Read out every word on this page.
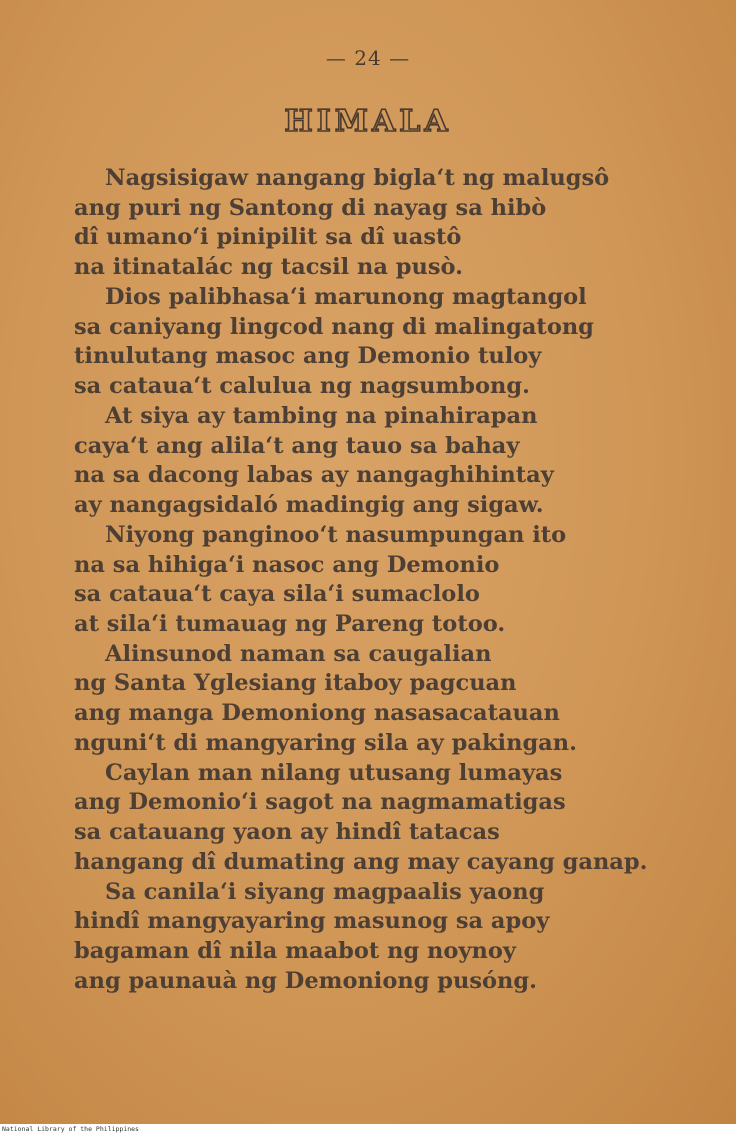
— 24 —
HIMALA
Nagsisigaw nangang bigla‘t ng malugsô
ang puri ng Santong di nayag sa hibò
dî umano‘i pinipilit sa dî uastô
na itinatalác ng tacsil na pusò.
Dios palibhasa‘i marunong magtangol
sa caniyang lingcod nang di malingatong
tinulutang masoc ang Demonio tuloy
sa cataua‘t calulua ng nagsumbong.
At siya ay tambing na pinahirapan
caya‘t ang alila‘t ang tauo sa bahay
na sa dacong labas ay nangaghihintay
ay nangagsidaló madingig ang sigaw.
Niyong panginoo‘t nasumpungan ito
na sa hihiga‘i nasoc ang Demonio
sa cataua‘t caya sila‘i sumaclolo
at sila‘i tumauag ng Pareng totoo.
Alinsunod naman sa caugalian
ng Santa Yglesiang itaboy pagcuan
ang manga Demoniong nasasacatauan
nguni‘t di mangyaring sila ay pakingan.
Caylan man nilang utusang lumayas
ang Demonio‘i sagot na nagmamatigas
sa catauang yaon ay hindî tatacas
hangang dî dumating ang may cayang ganap.
Sa canila‘i siyang magpaalis yaong
hindî mangyayaring masunog sa apoy
bagaman dî nila maabot ng noynoy
ang paunauà ng Demoniong pusóng.
National Library of the Philippines
